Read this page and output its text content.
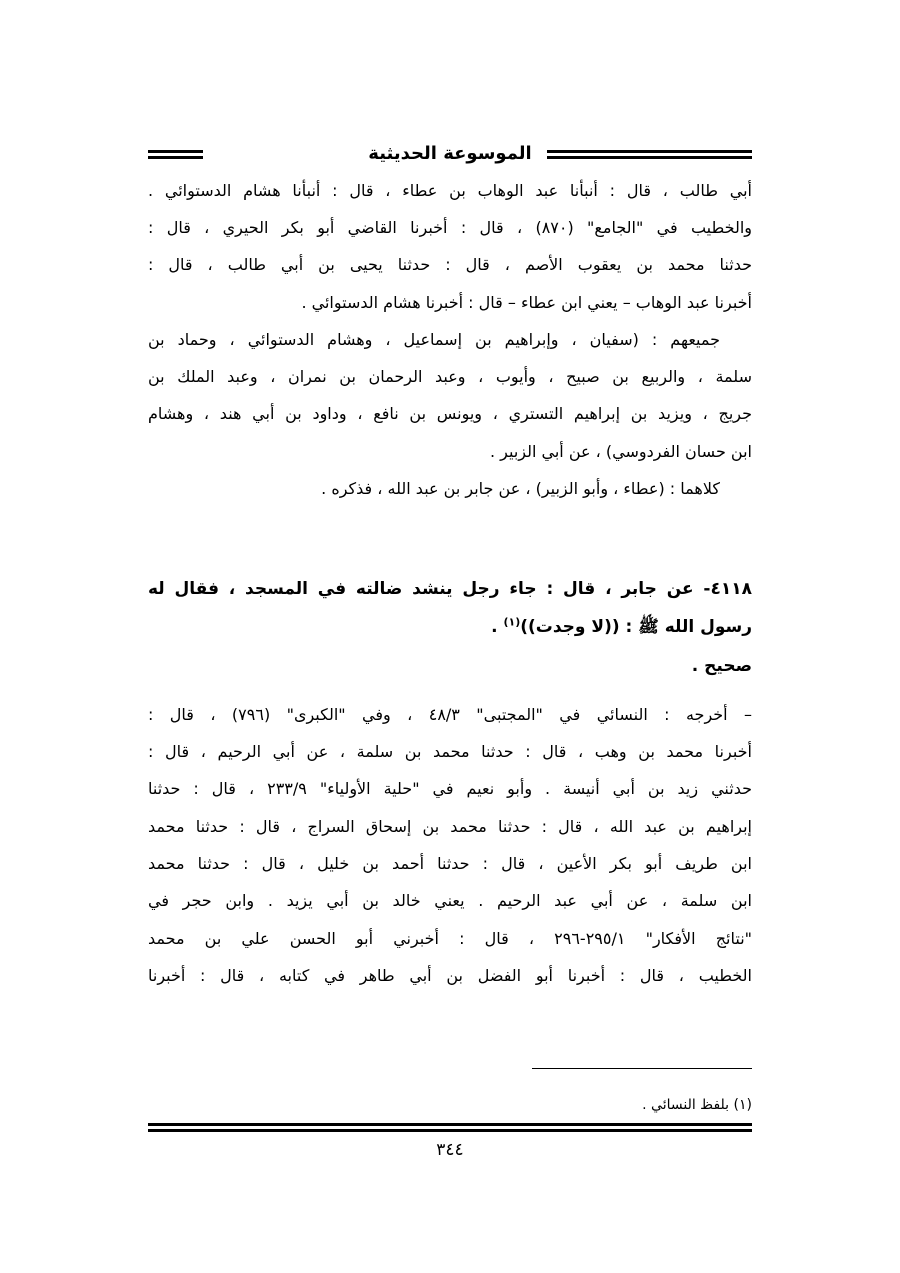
الموسوعة الحديثية
أبي طالب ، قال : أنبأنا عبد الوهاب بن عطاء ، قال : أنبأنا هشام الدستوائي .
والخطيب في "الجامع" (٨٧٠) ، قال : أخبرنا القاضي أبو بكر الحيري ، قال :
حدثنا محمد بن يعقوب الأصم ، قال : حدثنا يحيى بن أبي طالب ، قال :
أخبرنا عبد الوهاب – يعني ابن عطاء – قال : أخبرنا هشام الدستوائي .
جميعهم : (سفيان ، وإبراهيم بن إسماعيل ، وهشام الدستوائي ، وحماد بن
سلمة ، والربيع بن صبيح ، وأيوب ، وعبد الرحمان بن نمران ، وعبد الملك بن
جريج ، ويزيد بن إبراهيم التستري ، ويونس بن نافع ، وداود بن أبي هند ، وهشام
ابن حسان الفردوسي) ، عن أبي الزبير .
كلاهما : (عطاء ، وأبو الزبير) ، عن جابر بن عبد الله ، فذكره .
٤١١٨- عن جابر ، قال : جاء رجل ينشد ضالته في المسجد ، فقال له
رسول الله ﷺ : ((لا وجدت))$^{(١)}$ .
صحيح .
– أخرجه : النسائي في "المجتبى" ٤٨/٣ ، وفي "الكبرى" (٧٩٦) ، قال :
أخبرنا محمد بن وهب ، قال : حدثنا محمد بن سلمة ، عن أبي الرحيم ، قال :
حدثني زيد بن أبي أنيسة . وأبو نعيم في "حلية الأولياء" ٢٣٣/٩ ، قال : حدثنا
إبراهيم بن عبد الله ، قال : حدثنا محمد بن إسحاق السراج ، قال : حدثنا محمد
ابن طريف أبو بكر الأعين ، قال : حدثنا أحمد بن خليل ، قال : حدثنا محمد
ابن سلمة ، عن أبي عبد الرحيم . يعني خالد بن أبي يزيد . وابن حجر في
"نتائج الأفكار" ٢٩٥/١-٢٩٦ ، قال : أخبرني أبو الحسن علي بن محمد
الخطيب ، قال : أخبرنا أبو الفضل بن أبي طاهر في كتابه ، قال : أخبرنا
(١) بلفظ النسائي .
٣٤٤
